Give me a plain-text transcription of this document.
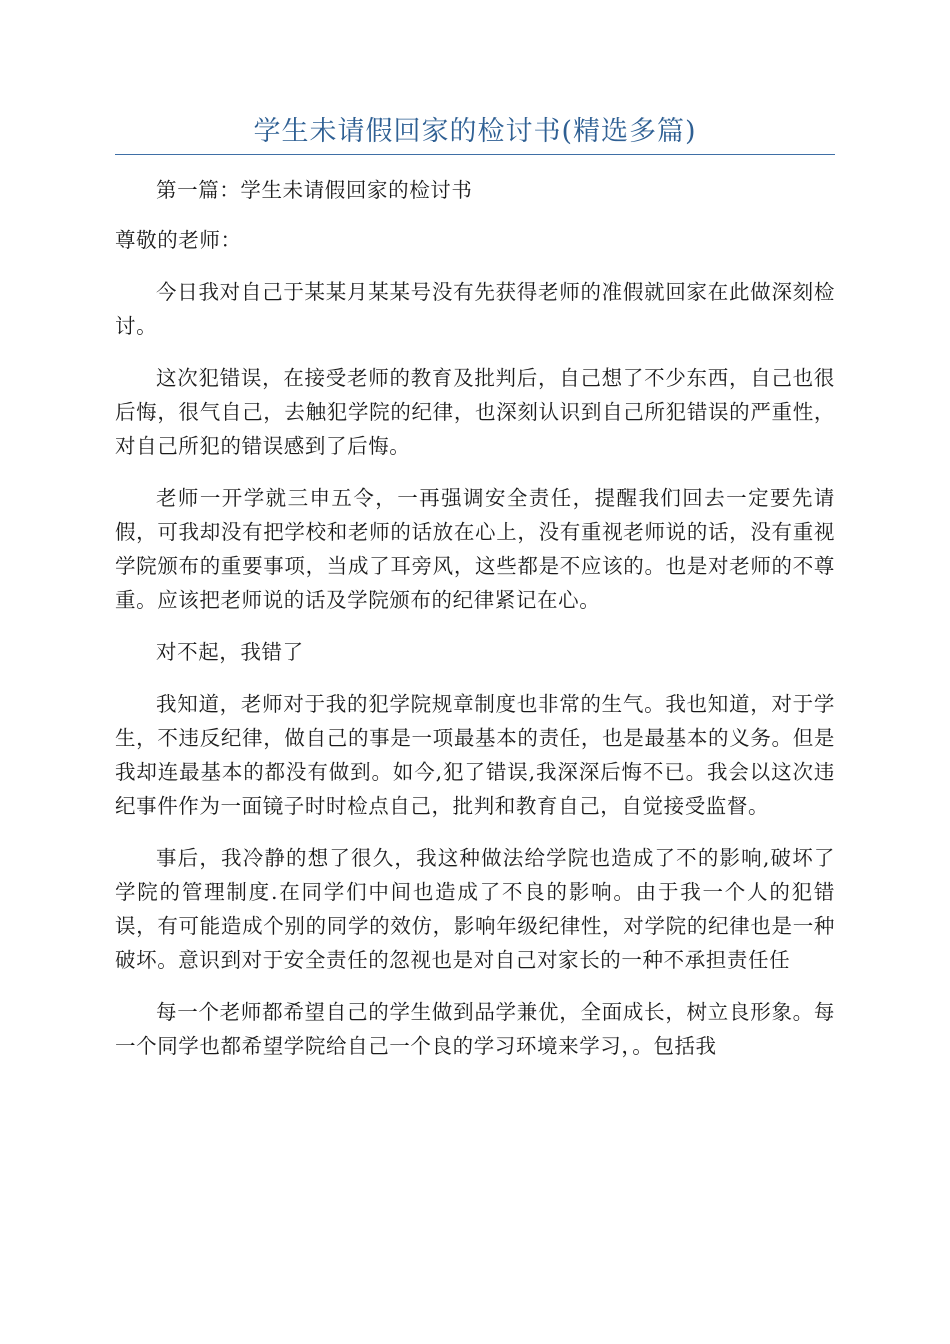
学生未请假回家的检讨书(精选多篇)

第一篇：学生未请假回家的检讨书

尊敬的老师：

今日我对自己于某某月某某号没有先获得老师的准假就回家在此做深刻检讨。

这次犯错误，在接受老师的教育及批判后，自己想了不少东西，自己也很后悔，很气自己，去触犯学院的纪律，也深刻认识到自己所犯错误的严重性，对自己所犯的错误感到了后悔。

老师一开学就三申五令，一再强调安全责任，提醒我们回去一定要先请假，可我却没有把学校和老师的话放在心上，没有重视老师说的话，没有重视学院颁布的重要事项，当成了耳旁风，这些都是不应该的。也是对老师的不尊重。应该把老师说的话及学院颁布的纪律紧记在心。

对不起，我错了

我知道，老师对于我的犯学院规章制度也非常的生气。我也知道，对于学生，不违反纪律，做自己的事是一项最基本的责任，也是最基本的义务。但是我却连最基本的都没有做到。如今,犯了错误,我深深后悔不已。我会以这次违纪事件作为一面镜子时时检点自己，批判和教育自己，自觉接受监督。

事后，我冷静的想了很久，我这种做法给学院也造成了不的影响,破坏了学院的管理制度.在同学们中间也造成了不良的影响。由于我一个人的犯错误，有可能造成个别的同学的效仿，影响年级纪律性，对学院的纪律也是一种破坏。意识到对于安全责任的忽视也是对自己对家长的一种不承担责任任

每一个老师都希望自己的学生做到品学兼优，全面成长，树立良形象。每一个同学也都希望学院给自己一个良的学习环境来学习，。包括我
